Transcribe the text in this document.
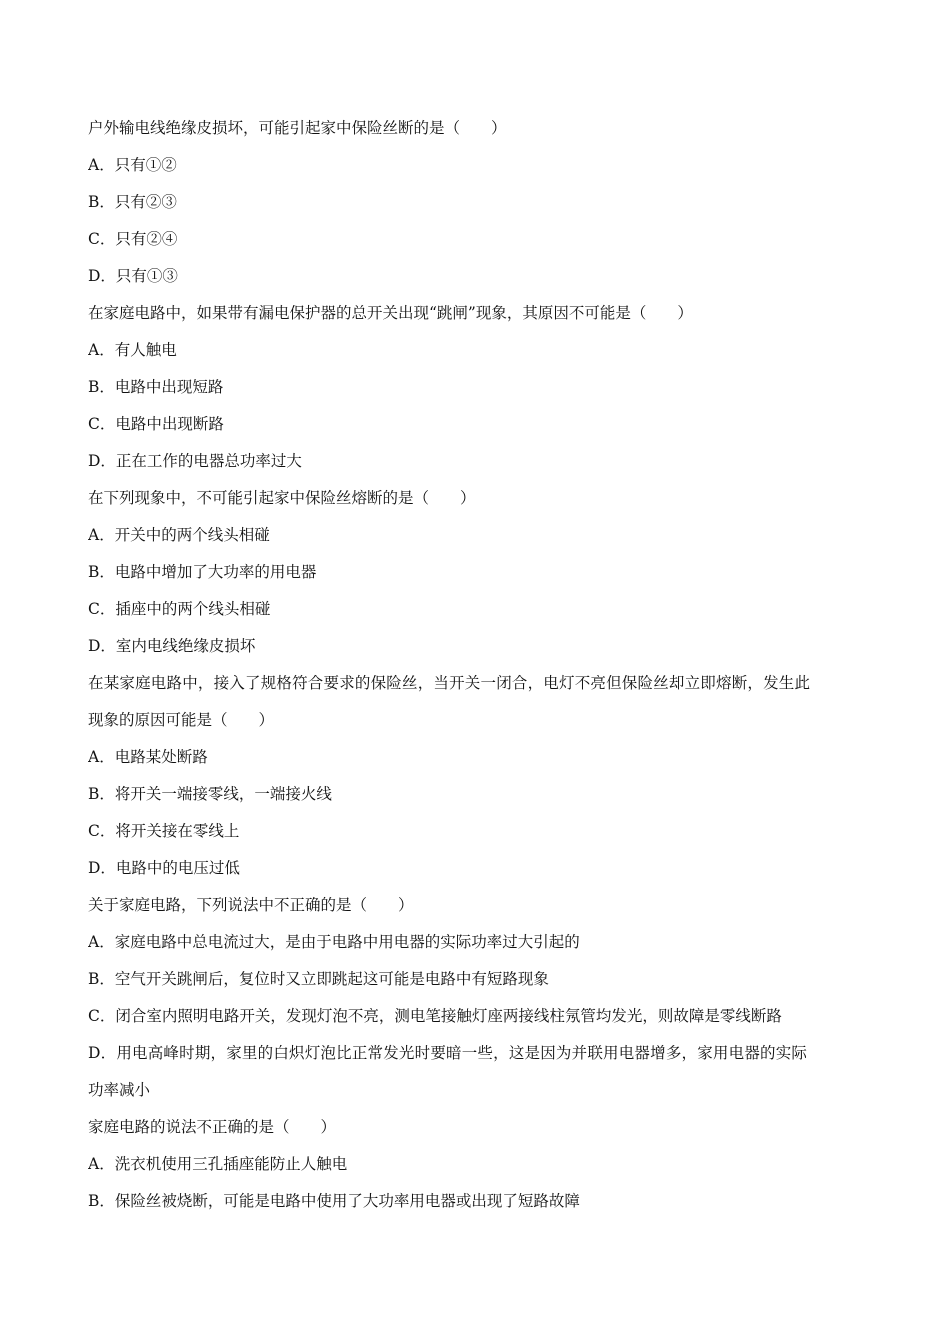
户外输电线绝缘皮损坏，可能引起家中保险丝断的是（　　）
A．只有①②
B．只有②③
C．只有②④
D．只有①③
在家庭电路中，如果带有漏电保护器的总开关出现“跳闸”现象，其原因不可能是（　　）
A．有人触电
B．电路中出现短路
C．电路中出现断路
D．正在工作的电器总功率过大
在下列现象中，不可能引起家中保险丝熔断的是（　　）
A．开关中的两个线头相碰
B．电路中增加了大功率的用电器
C．插座中的两个线头相碰
D．室内电线绝缘皮损坏
在某家庭电路中，接入了规格符合要求的保险丝，当开关一闭合，电灯不亮但保险丝却立即熔断，发生此
现象的原因可能是（　　）
A．电路某处断路
B．将开关一端接零线，一端接火线
C．将开关接在零线上
D．电路中的电压过低
关于家庭电路，下列说法中不正确的是（　　）
A．家庭电路中总电流过大，是由于电路中用电器的实际功率过大引起的
B．空气开关跳闸后，复位时又立即跳起这可能是电路中有短路现象
C．闭合室内照明电路开关，发现灯泡不亮，测电笔接触灯座两接线柱氖管均发光，则故障是零线断路
D．用电高峰时期，家里的白炽灯泡比正常发光时要暗一些，这是因为并联用电器增多，家用电器的实际
功率减小
家庭电路的说法不正确的是（　　）
A．洗衣机使用三孔插座能防止人触电
B．保险丝被烧断，可能是电路中使用了大功率用电器或出现了短路故障
